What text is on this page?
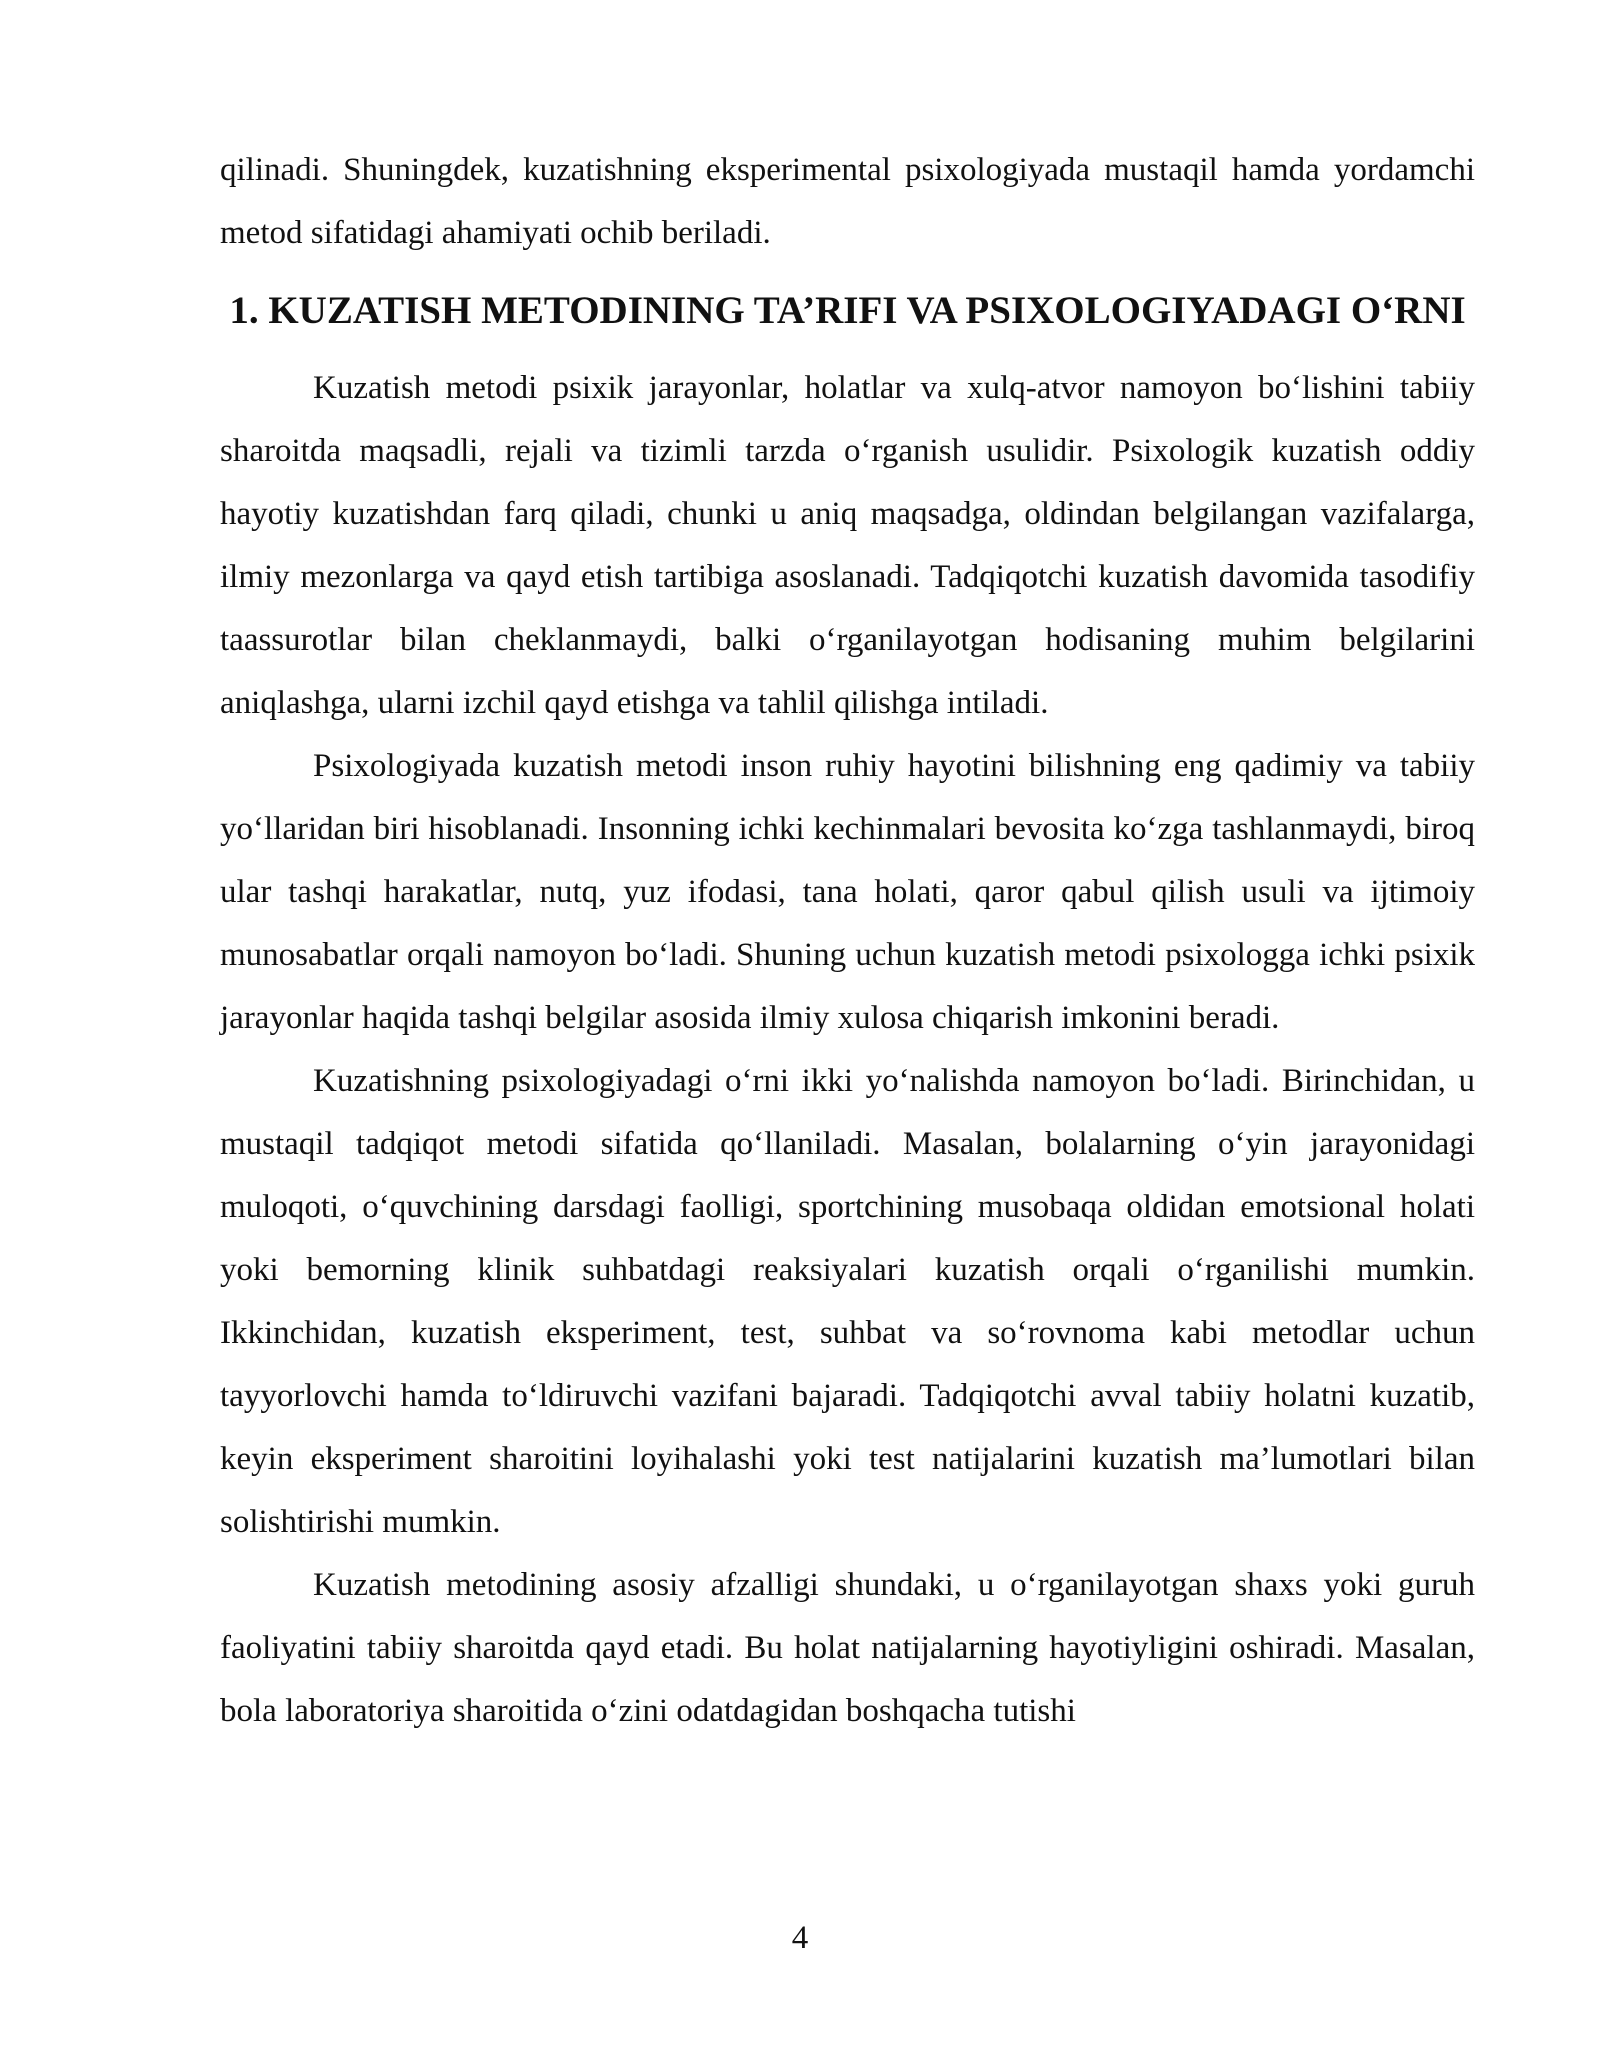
qilinadi. Shuningdek, kuzatishning eksperimental psixologiyada mustaqil hamda yordamchi metod sifatidagi ahamiyati ochib beriladi.

1. KUZATISH METODINING TA’RIFI VA PSIXOLOGIYADAGI O‘RNI

Kuzatish metodi psixik jarayonlar, holatlar va xulq-atvor namoyon bo‘lishini tabiiy sharoitda maqsadli, rejali va tizimli tarzda o‘rganish usulidir. Psixologik kuzatish oddiy hayotiy kuzatishdan farq qiladi, chunki u aniq maqsadga, oldindan belgilangan vazifalarga, ilmiy mezonlarga va qayd etish tartibiga asoslanadi. Tadqiqotchi kuzatish davomida tasodifiy taassurotlar bilan cheklanmaydi, balki o‘rganilayotgan hodisaning muhim belgilarini aniqlashga, ularni izchil qayd etishga va tahlil qilishga intiladi.

Psixologiyada kuzatish metodi inson ruhiy hayotini bilishning eng qadimiy va tabiiy yo‘llaridan biri hisoblanadi. Insonning ichki kechinmalari bevosita ko‘zga tashlanmaydi, biroq ular tashqi harakatlar, nutq, yuz ifodasi, tana holati, qaror qabul qilish usuli va ijtimoiy munosabatlar orqali namoyon bo‘ladi. Shuning uchun kuzatish metodi psixologga ichki psixik jarayonlar haqida tashqi belgilar asosida ilmiy xulosa chiqarish imkonini beradi.

Kuzatishning psixologiyadagi o‘rni ikki yo‘nalishda namoyon bo‘ladi. Birinchidan, u mustaqil tadqiqot metodi sifatida qo‘llaniladi. Masalan, bolalarning o‘yin jarayonidagi muloqoti, o‘quvchining darsdagi faolligi, sportchining musobaqa oldidan emotsional holati yoki bemorning klinik suhbatdagi reaksiyalari kuzatish orqali o‘rganilishi mumkin. Ikkinchidan, kuzatish eksperiment, test, suhbat va so‘rovnoma kabi metodlar uchun tayyorlovchi hamda to‘ldiruvchi vazifani bajaradi. Tadqiqotchi avval tabiiy holatni kuzatib, keyin eksperiment sharoitini loyihalashi yoki test natijalarini kuzatish ma’lumotlari bilan solishtirishi mumkin.

Kuzatish metodining asosiy afzalligi shundaki, u o‘rganilayotgan shaxs yoki guruh faoliyatini tabiiy sharoitda qayd etadi. Bu holat natijalarning hayotiyligini oshiradi. Masalan, bola laboratoriya sharoitida o‘zini odatdagidan boshqacha tutishi

4
